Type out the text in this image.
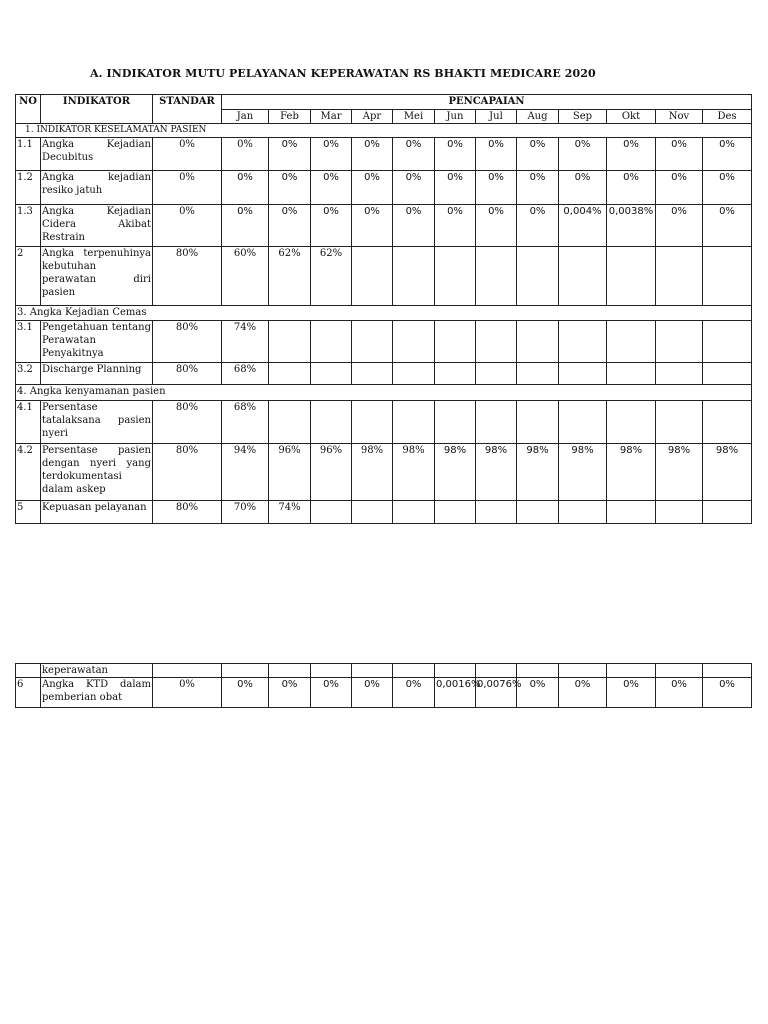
A. INDIKATOR MUTU PELAYANAN KEPERAWATAN RS BHAKTI MEDICARE 2020
NO	INDIKATOR	STANDAR	PENCAPAIAN											
			Jan	Feb	Mar	Apr	Mei	Jun	Jul	Aug	Sep	Okt	Nov	Des
1. INDIKATOR KESELAMATAN PASIEN														
1.1	Angka Kejadian Decubitus	0%	0%	0%	0%	0%	0%	0%	0%	0%	0%	0%	0%	0%
1.2	Angka kejadian resiko jatuh	0%	0%	0%	0%	0%	0%	0%	0%	0%	0%	0%	0%	0%
1.3	Angka Kejadian Cidera Akibat Restrain	0%	0%	0%	0%	0%	0%	0%	0%	0%	0,004%	0,0038%	0%	0%
2	Angka terpenuhinya kebutuhan perawatan diri pasien	80%	60%	62%	62%									
3. Angka Kejadian Cemas														
3.1	Pengetahuan tentang Perawatan Penyakitnya	80%	74%											
3.2	Discharge Planning	80%	68%											
4. Angka kenyamanan pasien														
4.1	Persentase tatalaksana pasien nyeri	80%	68%											
4.2	Persentase pasien dengan nyeri yang terdokumentasi dalam askep	80%	94%	96%	96%	98%	98%	98%	98%	98%	98%	98%	98%	98%
5	Kepuasan pelayanan	80%	70%	74%										
	keperawatan													
6	Angka KTD dalam pemberian obat	0%	0%	0%	0%	0%	0%	0,0016%	0,0076%	0%	0%	0%	0%	0%
